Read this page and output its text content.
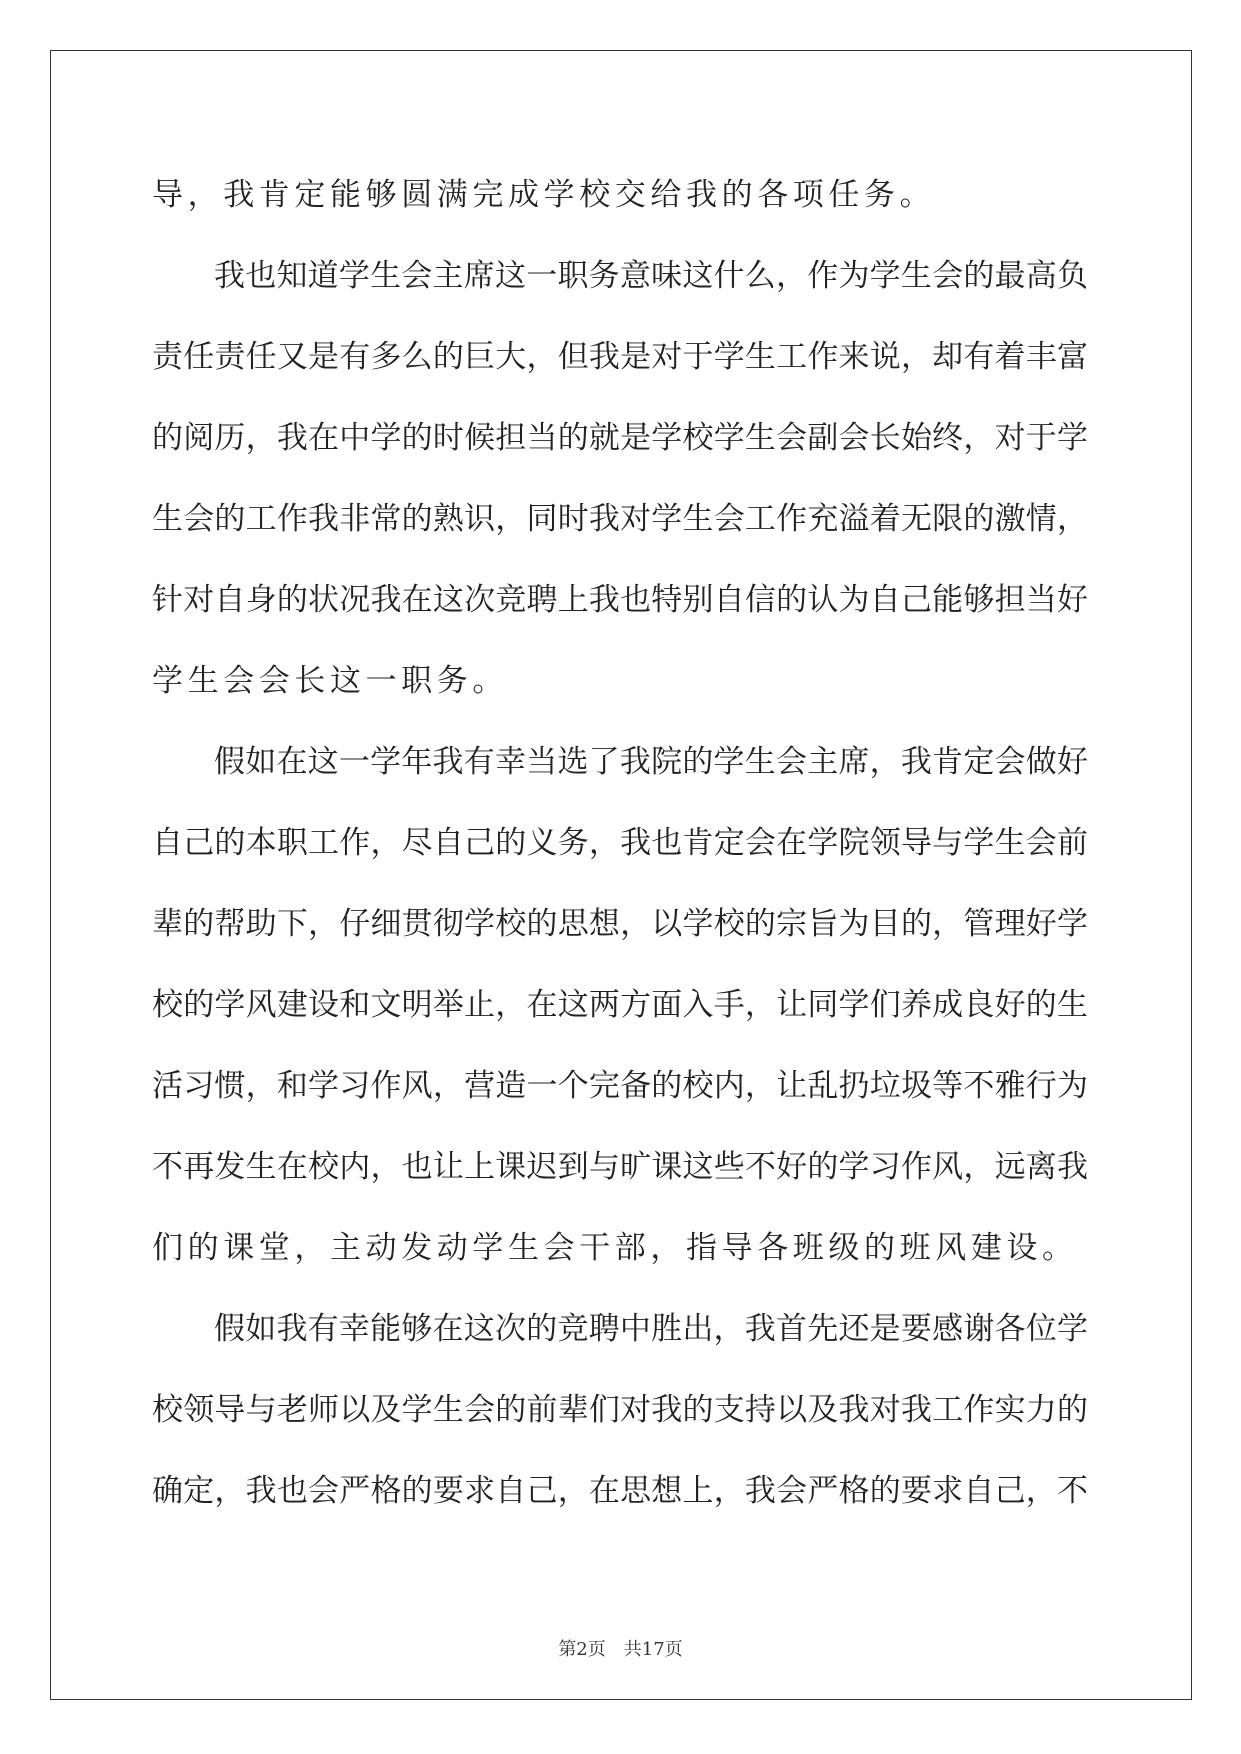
导，我肯定能够圆满完成学校交给我的各项任务。
我也知道学生会主席这一职务意味这什么，作为学生会的最高负
责任责任又是有多么的巨大，但我是对于学生工作来说，却有着丰富
的阅历，我在中学的时候担当的就是学校学生会副会长始终，对于学
生会的工作我非常的熟识，同时我对学生会工作充溢着无限的激情，
针对自身的状况我在这次竞聘上我也特别自信的认为自己能够担当好
学生会会长这一职务。
假如在这一学年我有幸当选了我院的学生会主席，我肯定会做好
自己的本职工作，尽自己的义务，我也肯定会在学院领导与学生会前
辈的帮助下，仔细贯彻学校的思想，以学校的宗旨为目的，管理好学
校的学风建设和文明举止，在这两方面入手，让同学们养成良好的生
活习惯，和学习作风，营造一个完备的校内，让乱扔垃圾等不雅行为
不再发生在校内，也让上课迟到与旷课这些不好的学习作风，远离我
们的课堂，主动发动学生会干部，指导各班级的班风建设。
假如我有幸能够在这次的竞聘中胜出，我首先还是要感谢各位学
校领导与老师以及学生会的前辈们对我的支持以及我对我工作实力的
确定，我也会严格的要求自己，在思想上，我会严格的要求自己，不
第2页 共17页
